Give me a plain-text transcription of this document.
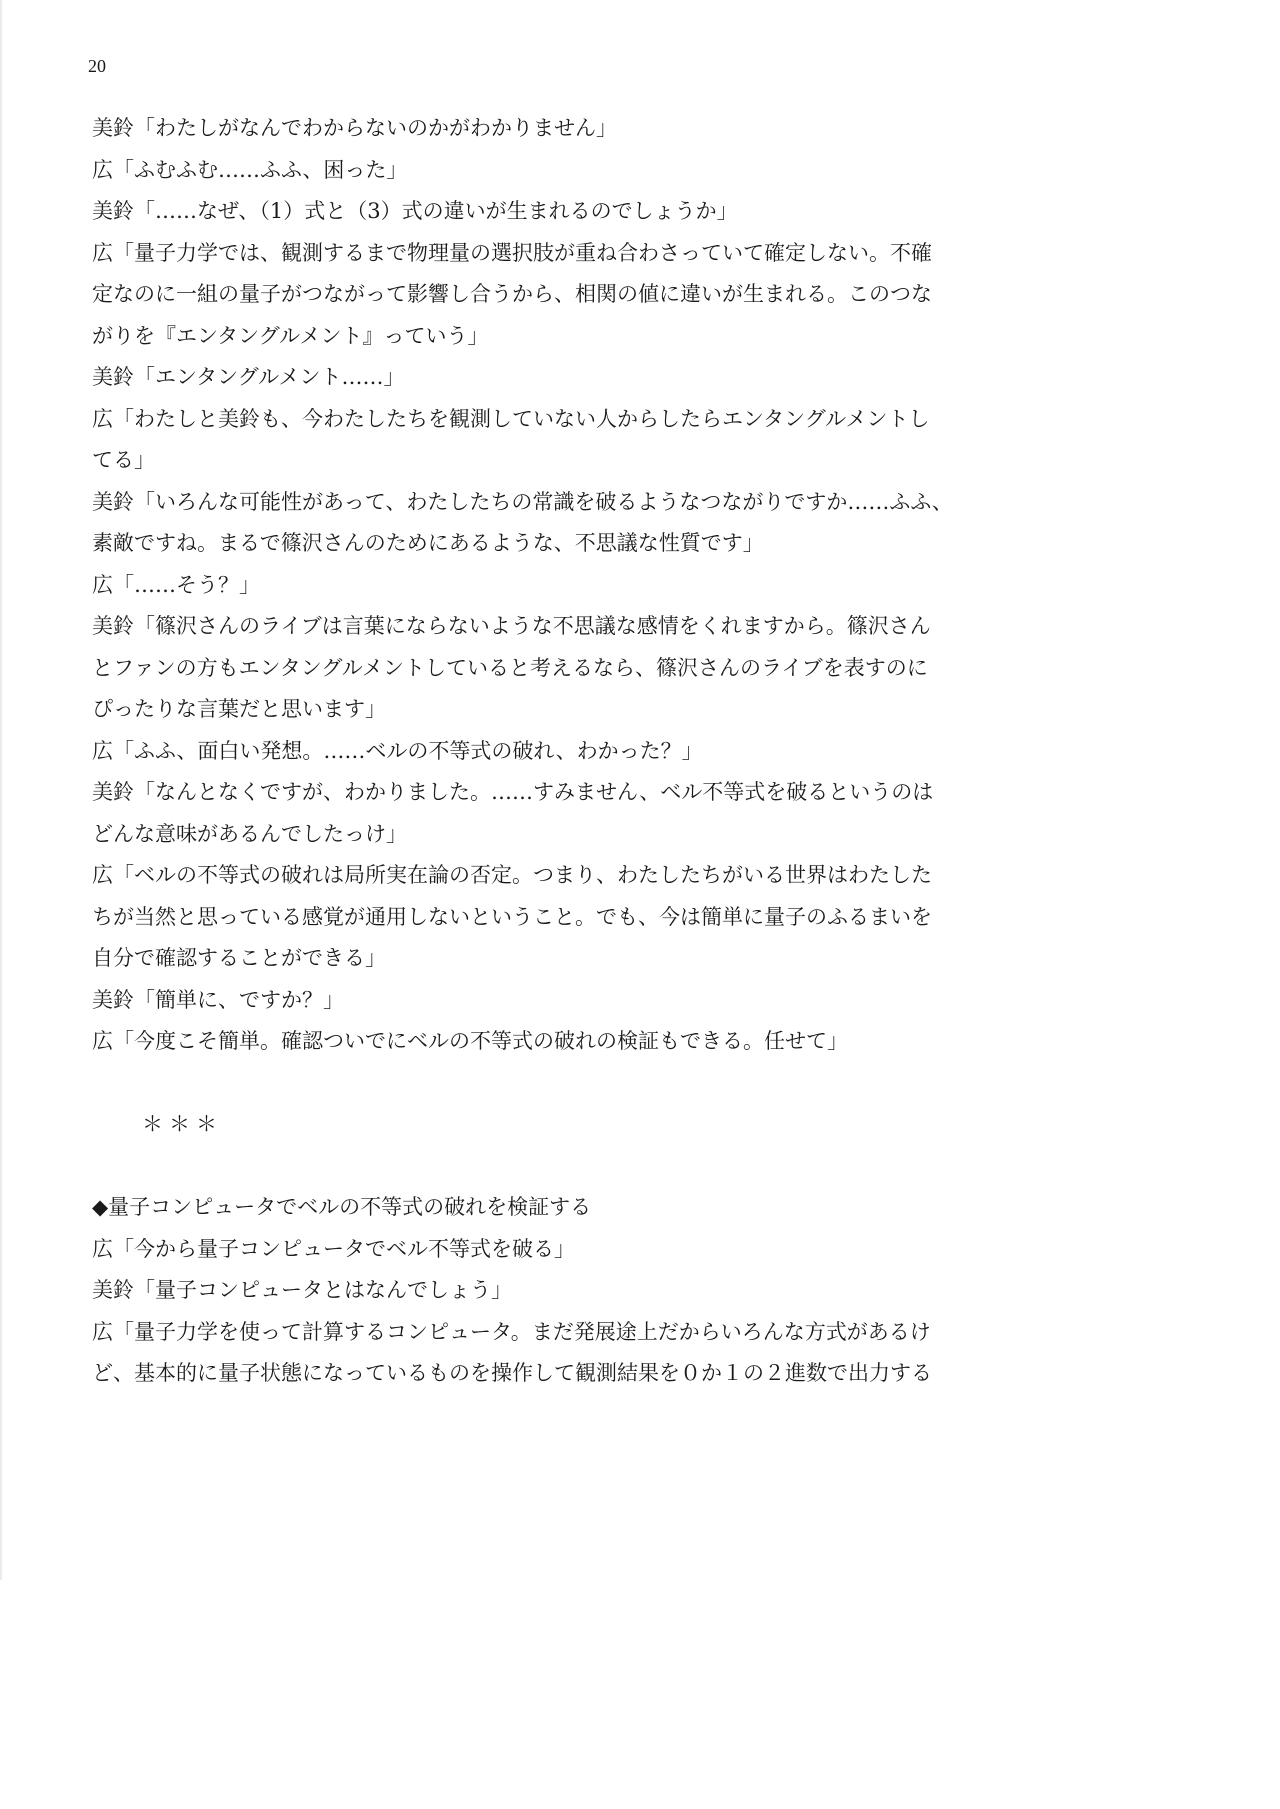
20
美鈴「わたしがなんでわからないのかがわかりません」
広「ふむふむ……ふふ、困った」
美鈴「……なぜ、（1）式と（3）式の違いが生まれるのでしょうか」
広「量子力学では、観測するまで物理量の選択肢が重ね合わさっていて確定しない。不確
定なのに一組の量子がつながって影響し合うから、相関の値に違いが生まれる。このつな
がりを『エンタングルメント』っていう」
美鈴「エンタングルメント……」
広「わたしと美鈴も、今わたしたちを観測していない人からしたらエンタングルメントし
てる」
美鈴「いろんな可能性があって、わたしたちの常識を破るようなつながりですか……ふふ、
素敵ですね。まるで篠沢さんのためにあるような、不思議な性質です」
広「……そう？」
美鈴「篠沢さんのライブは言葉にならないような不思議な感情をくれますから。篠沢さん
とファンの方もエンタングルメントしていると考えるなら、篠沢さんのライブを表すのに
ぴったりな言葉だと思います」
広「ふふ、面白い発想。……ベルの不等式の破れ、わかった？」
美鈴「なんとなくですが、わかりました。……すみません、ベル不等式を破るというのは
どんな意味があるんでしたっけ」
広「ベルの不等式の破れは局所実在論の否定。つまり、わたしたちがいる世界はわたした
ちが当然と思っている感覚が通用しないということ。でも、今は簡単に量子のふるまいを
自分で確認することができる」
美鈴「簡単に、ですか？」
広「今度こそ簡単。確認ついでにベルの不等式の破れの検証もできる。任せて」
＊＊＊
◆量子コンピュータでベルの不等式の破れを検証する
広「今から量子コンピュータでベル不等式を破る」
美鈴「量子コンピュータとはなんでしょう」
広「量子力学を使って計算するコンピュータ。まだ発展途上だからいろんな方式があるけ
ど、基本的に量子状態になっているものを操作して観測結果を０か１の２進数で出力する
